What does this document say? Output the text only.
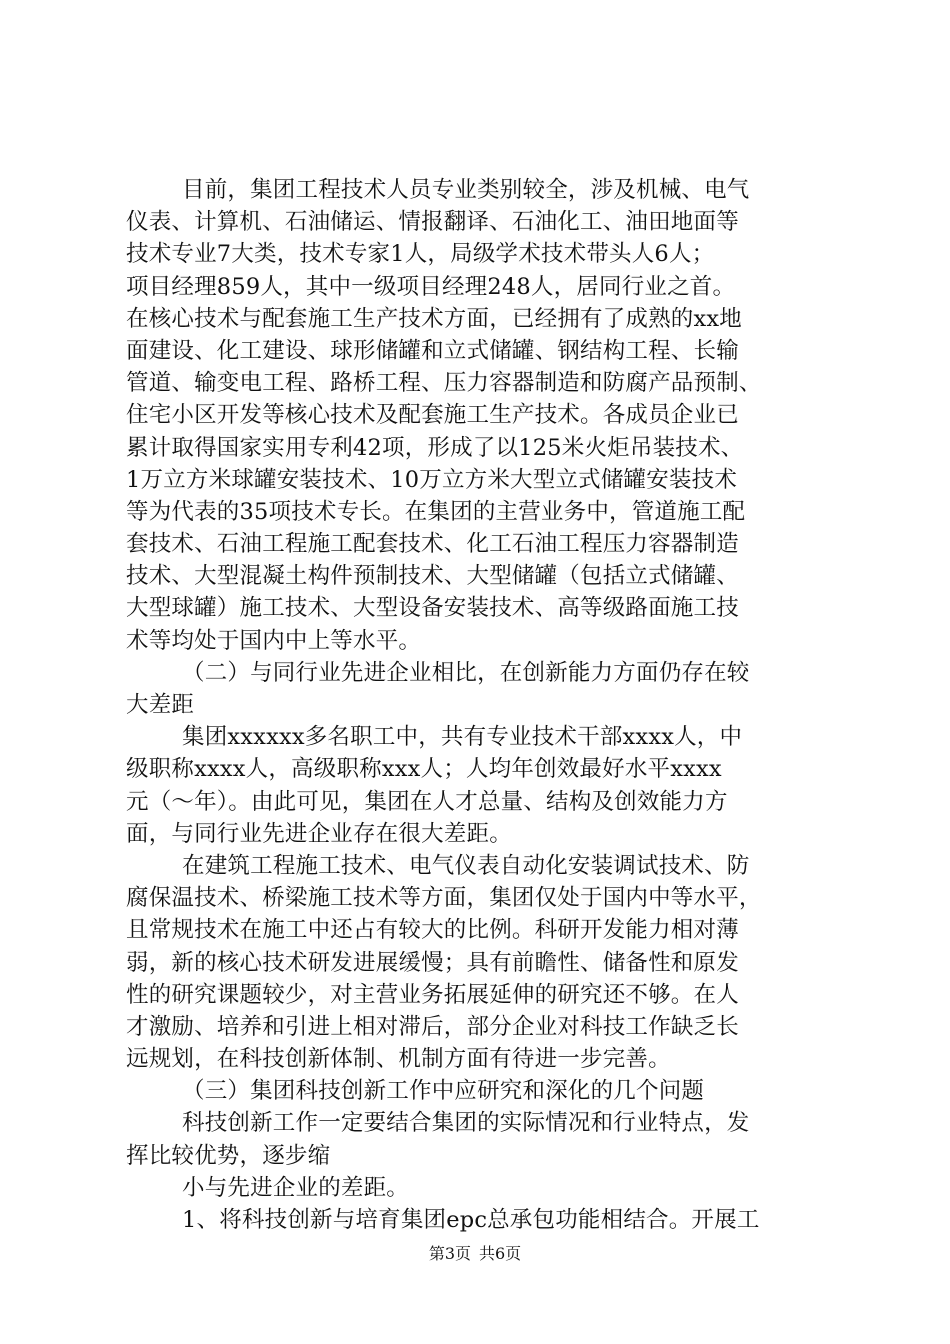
目前，集团工程技术人员专业类别较全，涉及机械、电气
仪表、计算机、石油储运、情报翻译、石油化工、油田地面等
技术专业7大类，技术专家1人，局级学术技术带头人6人；
项目经理859人，其中一级项目经理248人，居同行业之首。
在核心技术与配套施工生产技术方面，已经拥有了成熟的xx地
面建设、化工建设、球形储罐和立式储罐、钢结构工程、长输
管道、输变电工程、路桥工程、压力容器制造和防腐产品预制、
住宅小区开发等核心技术及配套施工生产技术。各成员企业已
累计取得国家实用专利42项，形成了以125米火炬吊装技术、
1万立方米球罐安装技术、10万立方米大型立式储罐安装技术
等为代表的35项技术专长。在集团的主营业务中，管道施工配
套技术、石油工程施工配套技术、化工石油工程压力容器制造
技术、大型混凝土构件预制技术、大型储罐（包括立式储罐、
大型球罐）施工技术、大型设备安装技术、高等级路面施工技
术等均处于国内中上等水平。
（二）与同行业先进企业相比，在创新能力方面仍存在较
大差距
集团xxxxxx多名职工中，共有专业技术干部xxxx人，中
级职称xxxx人，高级职称xxx人；人均年创效最好水平xxxx
元（～年）。由此可见，集团在人才总量、结构及创效能力方
面，与同行业先进企业存在很大差距。
在建筑工程施工技术、电气仪表自动化安装调试技术、防
腐保温技术、桥梁施工技术等方面，集团仅处于国内中等水平，
且常规技术在施工中还占有较大的比例。科研开发能力相对薄
弱，新的核心技术研发进展缓慢；具有前瞻性、储备性和原发
性的研究课题较少，对主营业务拓展延伸的研究还不够。在人
才激励、培养和引进上相对滞后，部分企业对科技工作缺乏长
远规划，在科技创新体制、机制方面有待进一步完善。
（三）集团科技创新工作中应研究和深化的几个问题
科技创新工作一定要结合集团的实际情况和行业特点，发
挥比较优势，逐步缩
小与先进企业的差距。
1、将科技创新与培育集团epc总承包功能相结合。开展工
第3页 共6页
